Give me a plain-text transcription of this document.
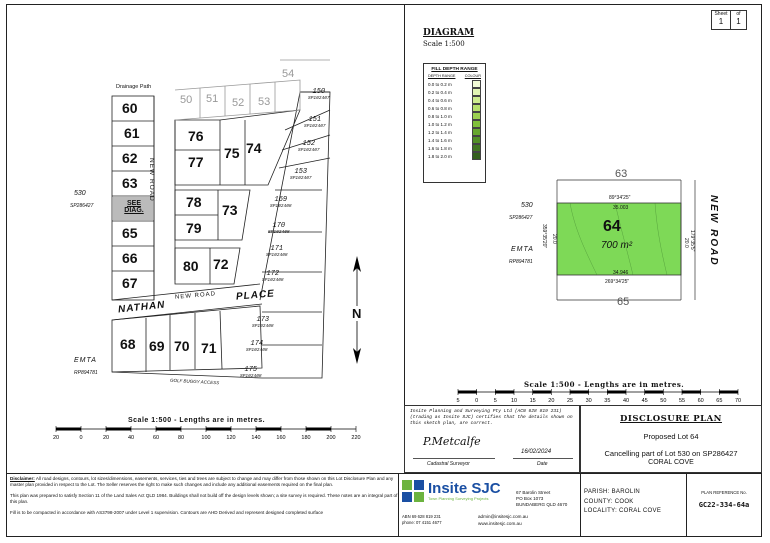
Sheet
1
of
1
Drainage Path
60
61
62
63
SEE DIAG.
65
66
67
76
77
75 74
78
79
73
80 72
68 69 70 71
50 51 52 53
54
150
SP102407
151
SP102407
152
SP102407
153
SP102407
169
SP102408
170
SP102408
171
SP102408
172
SP102408
173
SP102408
174
SP102408
175
SP102408
NEW ROAD
NATHAN
NEW ROAD PLACE
530
SP286427
EMTA
RP894781
GOLF BUGGY ACCESS
N
Scale 1:500 - Lengths are in metres.
20	0	20	40	60	80	100	120	140	160	180	200	220
DIAGRAM
Scale 1:500
FILL DEPTH RANGE
DEPTH RANGE COLOUR
0.0 to 0.2 m
0.2 to 0.4 m
0.4 to 0.6 m
0.6 to 0.8 m
0.8 to 1.0 m
1.0 to 1.2 m
1.2 to 1.4 m
1.4 to 1.6 m
1.6 to 1.8 m
1.8 to 2.0 m
64
700 m²
63
65
NEW ROAD
530
SP286427
EMTA
RP894781
89°34'25"
35.003
34.946
269°34'25"
359°35'20" 20.0	179°35'5"
20.0
Scale 1:500 - Lengths are in metres.
5	0	5	10 15 20 25 30 35 40 45 50 55 60 65 70
Insite Planning and Surveying Pty Ltd (ACN 628 819 231) (trading as Insite SJC) certifies that the details shown on this sketch plan, are correct.
P.Metcalfe
16/02/2024
Cadastral Surveyor	Date
DISCLOSURE PLAN
Proposed Lot 64
Cancelling part of Lot 530 on SP286427
CORAL COVE
Disclaimer: All road designs, contours, lot sizes/dimensions, easements, services, ties and trees are subject to change and may differ from those shown on this Lot Disclosure Plan and any master plan provided in respect to the Lot. The Seller reserves the right to make such changes and include any additional easements required on the final plan.
This plan was prepared to satisfy Section 11 of the Land Sales Act QLD 1984. Buildings shall not build off the design levels shown; a site survey is required. These notes are an integral part of this plan.
Fill is to be compacted in accordance with AS3798-2007 under Level 1 supervision. Contours are AHD Derived and represent designed completed surface
Insite SJC
Town Planning Surveying Projects
67 Barolin Street
PO Box 1073
BUNDABERG QLD 4670
ABN 69 628 819 231
phone: 07 4151 4677
admin@insitesjc.com.au
www.insitesjc.com.au
PARISH: BAROLIN
COUNTY: COOK
LOCALITY: CORAL COVE
PLAN REFERENCE No.
GC22-334-64a
